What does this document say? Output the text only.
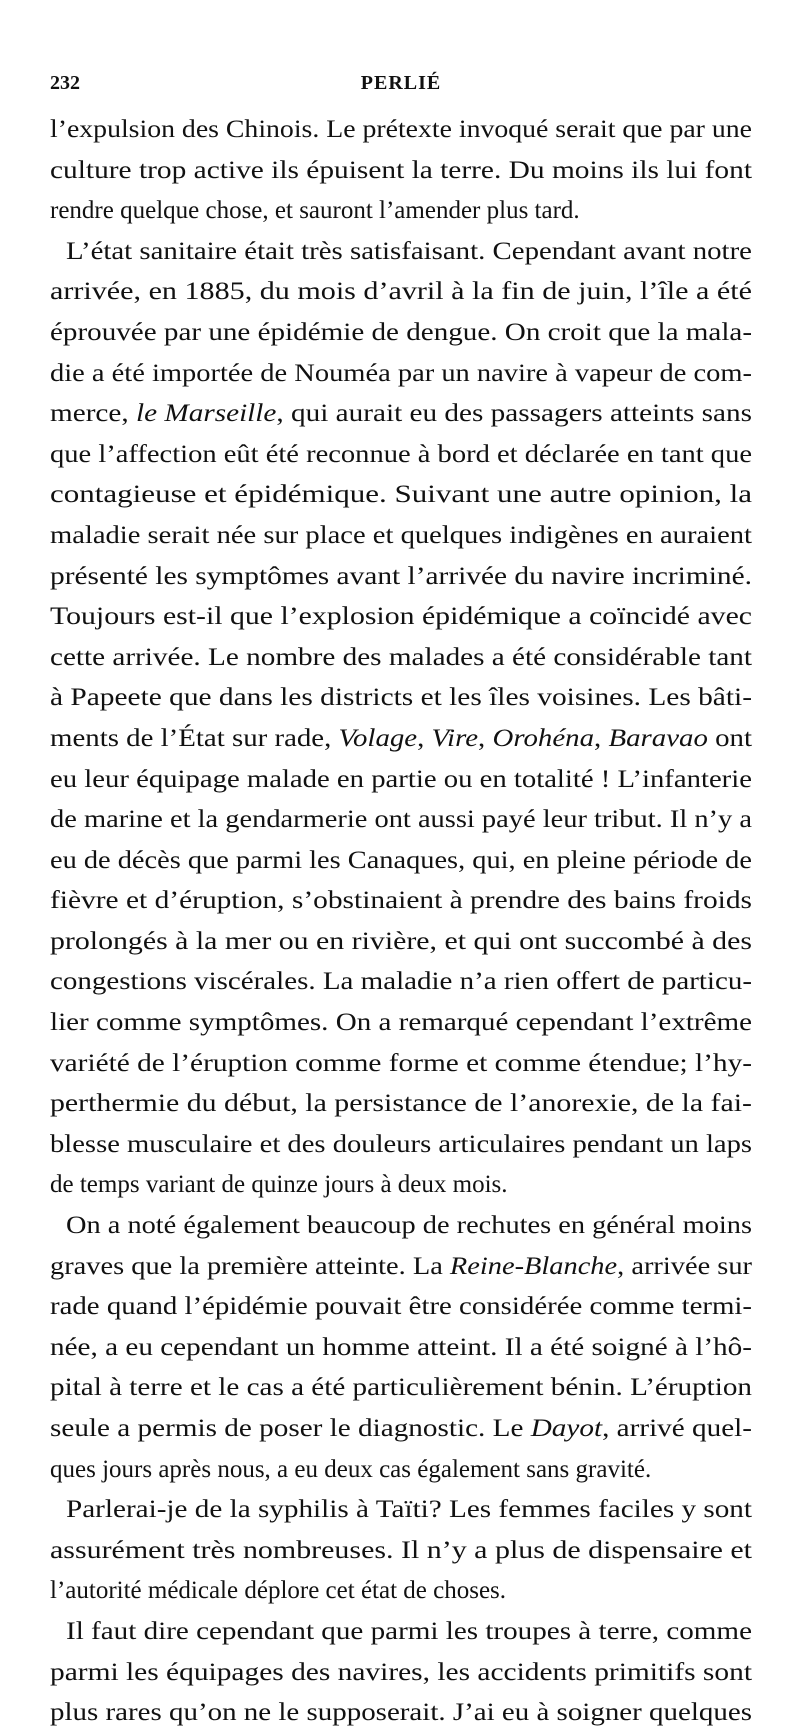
232	PERLIÉ
l’expulsion des Chinois. Le prétexte invoqué serait que par une
culture trop active ils épuisent la terre. Du moins ils lui font
rendre quelque chose, et sauront l’amender plus tard.
L’état sanitaire était très satisfaisant. Cependant avant notre
arrivée, en 1885, du mois d’avril à la fin de juin, l’île a été
éprouvée par une épidémie de dengue. On croit que la mala-
die a été importée de Nouméa par un navire à vapeur de com-
merce, le Marseille, qui aurait eu des passagers atteints sans
que l’affection eût été reconnue à bord et déclarée en tant que
contagieuse et épidémique. Suivant une autre opinion, la
maladie serait née sur place et quelques indigènes en auraient
présenté les symptômes avant l’arrivée du navire incriminé.
Toujours est-il que l’explosion épidémique a coïncidé avec
cette arrivée. Le nombre des malades a été considérable tant
à Papeete que dans les districts et les îles voisines. Les bâti-
ments de l’État sur rade, Volage, Vire, Orohéna, Baravao ont
eu leur équipage malade en partie ou en totalité ! L’infanterie
de marine et la gendarmerie ont aussi payé leur tribut. Il n’y a
eu de décès que parmi les Canaques, qui, en pleine période de
fièvre et d’éruption, s’obstinaient à prendre des bains froids
prolongés à la mer ou en rivière, et qui ont succombé à des
congestions viscérales. La maladie n’a rien offert de particu-
lier comme symptômes. On a remarqué cependant l’extrême
variété de l’éruption comme forme et comme étendue; l’hy-
perthermie du début, la persistance de l’anorexie, de la fai-
blesse musculaire et des douleurs articulaires pendant un laps
de temps variant de quinze jours à deux mois.
On a noté également beaucoup de rechutes en général moins
graves que la première atteinte. La Reine-Blanche, arrivée sur
rade quand l’épidémie pouvait être considérée comme termi-
née, a eu cependant un homme atteint. Il a été soigné à l’hô-
pital à terre et le cas a été particulièrement bénin. L’éruption
seule a permis de poser le diagnostic. Le Dayot, arrivé quel-
ques jours après nous, a eu deux cas également sans gravité.
Parlerai-je de la syphilis à Taïti? Les femmes faciles y sont
assurément très nombreuses. Il n’y a plus de dispensaire et
l’autorité médicale déplore cet état de choses.
Il faut dire cependant que parmi les troupes à terre, comme
parmi les équipages des navires, les accidents primitifs sont
plus rares qu’on ne le supposerait. J’ai eu à soigner quelques
